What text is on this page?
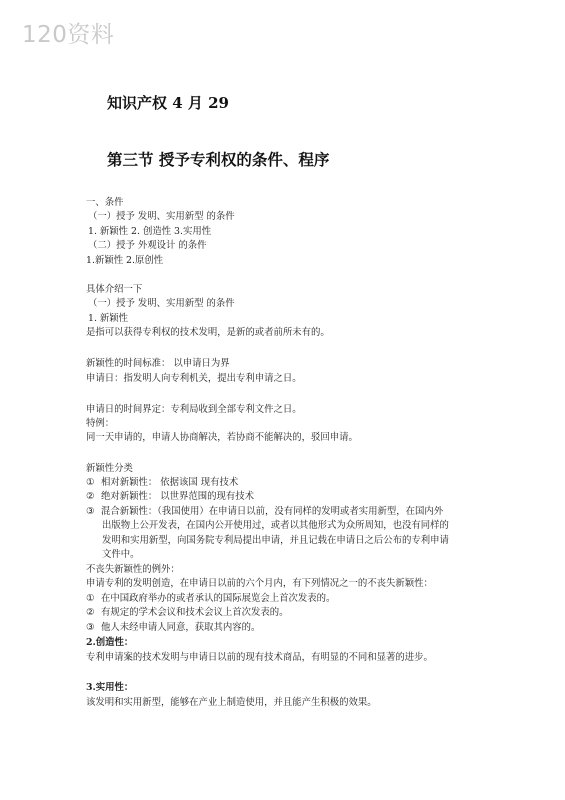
120资料
知识产权 4 月 29
第三节 授予专利权的条件、程序
一、条件
（一）授予 发明、实用新型 的条件
1. 新颖性 2. 创造性 3.实用性
（二）授予 外观设计 的条件
1.新颖性 2.原创性
具体介绍一下
（一）授予 发明、实用新型 的条件
1. 新颖性
是指可以获得专利权的技术发明，是新的或者前所未有的。
新颖性的时间标准： 以申请日为界
申请日：指发明人向专利机关，提出专利申请之日。
申请日的时间界定：专利局收到全部专利文件之日。
特例：
同一天申请的，申请人协商解决，若协商不能解决的，驳回申请。
新颖性分类
① 相对新颖性： 依据该国 现有技术
② 绝对新颖性： 以世界范围的现有技术
③ 混合新颖性：（我国使用）在申请日以前，没有同样的发明或者实用新型，在国内外
出版物上公开发表，在国内公开使用过，或者以其他形式为众所周知，也没有同样的
发明和实用新型，向国务院专利局提出申请，并且记载在申请日之后公布的专利申请
文件中。
不丧失新颖性的例外：
申请专利的发明创造，在申请日以前的六个月内，有下列情况之一的不丧失新颖性：
① 在中国政府举办的或者承认的国际展览会上首次发表的。
② 有规定的学术会议和技术会议上首次发表的。
③ 他人未经申请人同意，获取其内容的。
2.创造性：
专利申请案的技术发明与申请日以前的现有技术商品，有明显的不同和显著的进步。
3.实用性：
该发明和实用新型，能够在产业上制造使用，并且能产生积极的效果。
